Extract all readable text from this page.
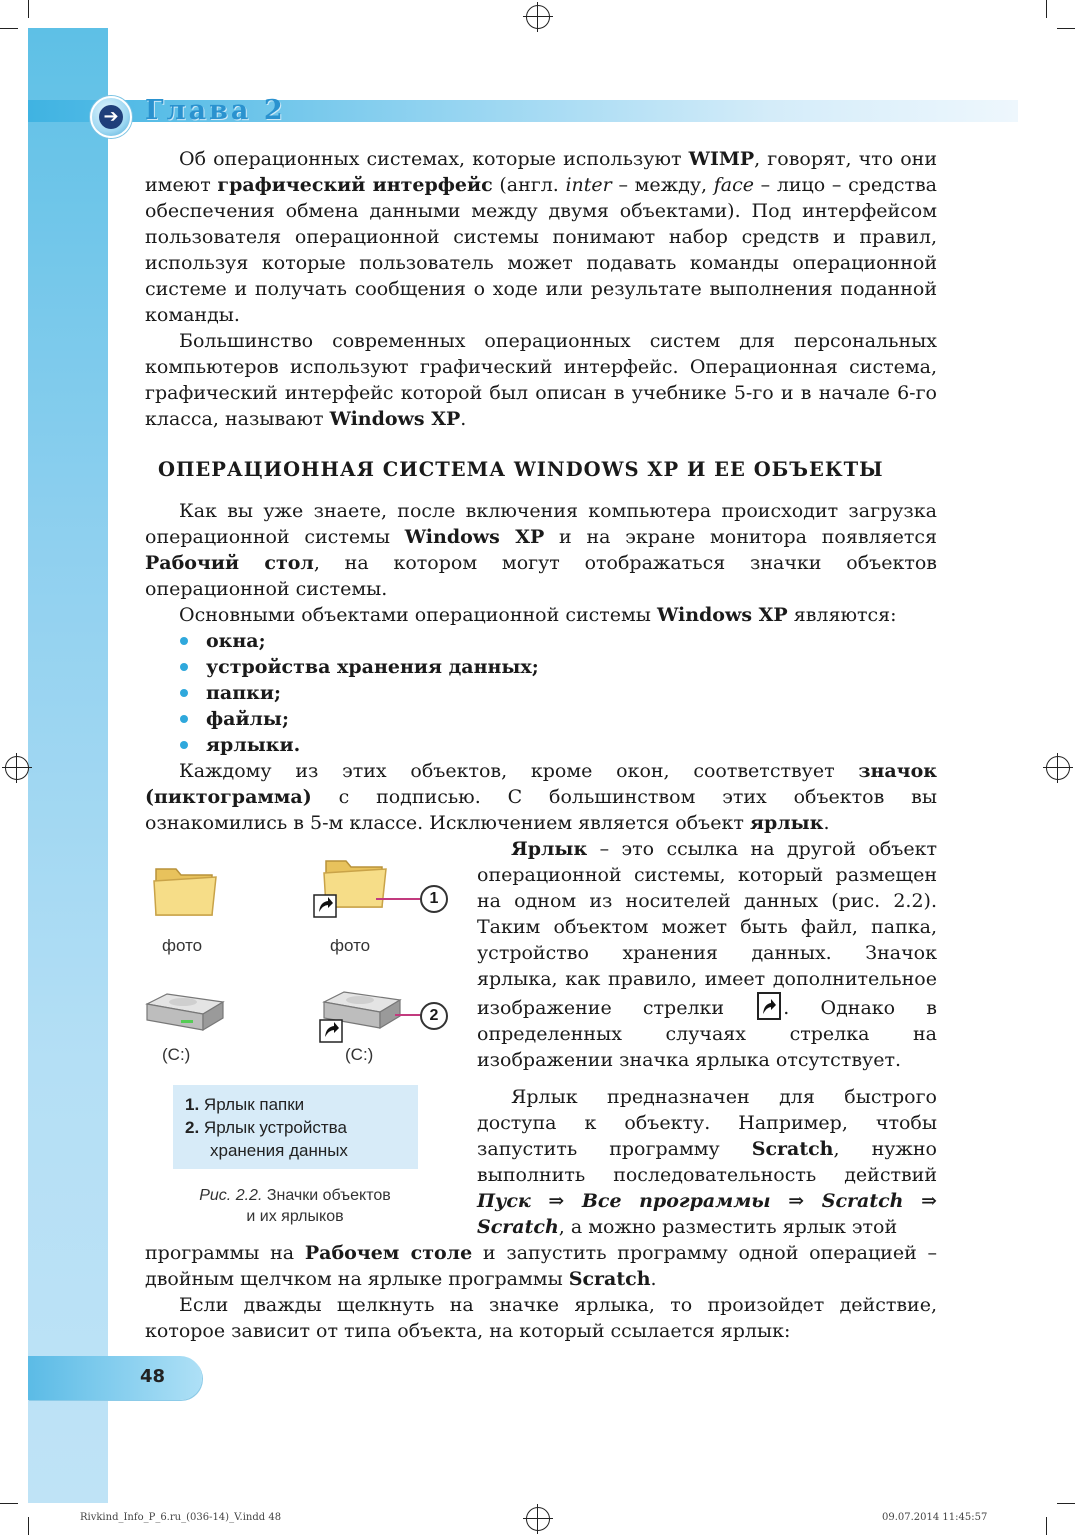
➔ Глава 2
Об операционных системах, которые используют WIMP, говорят, что они имеют графический интерфейс (англ. inter – между, face – лицо – средства обеспечения обмена данными между двумя объектами). Под интерфейсом пользователя операционной системы понимают набор средств и правил, используя которые пользователь может подавать команды операционной системе и получать сообщения о ходе или результате выполнения поданной команды.
Большинство современных операционных систем для персональных компьютеров используют графический интерфейс. Операционная система, графический интерфейс которой был описан в учебнике 5-го и в начале 6-го класса, называют Windows XP.
ОПЕРАЦИОННАЯ СИСТЕМА WINDOWS XP И ЕЕ ОБЪЕКТЫ
Как вы уже знаете, после включения компьютера происходит загрузка операционной системы Windows XP и на экране монитора появляется Рабочий стол, на котором могут отображаться значки объектов операционной системы.
Основными объектами операционной системы Windows XP являются:
окна;
устройства хранения данных;
папки;
файлы;
ярлыки.
Каждому из этих объектов, кроме окон, соответствует значок (пиктограмма) с подписью. С большинством этих объектов вы ознакомились в 5-м классе. Исключением является объект ярлык.
Ярлык – это ссылка на другой объект операционной системы, который размещен на одном из носителей данных (рис. 2.2). Таким объектом может быть файл, папка, устройство хранения данных. Значок ярлыка, как правило, имеет дополнительное изображение стрелки
. Однако в определенных случаях стрелка на изображении значка ярлыка отсутствует.
Ярлык предназначен для быстрого доступа к объекту. Например, чтобы запустить программу Scratch, нужно выполнить последовательность действий Пуск ⇒ Все программы ⇒ Scratch ⇒ Scratch, а можно разместить ярлык этой
программы на Рабочем столе и запустить программу одной операцией – двойным щелчком на ярлыке программы Scratch.
Если дважды щелкнуть на значке ярлыка, то произойдет действие, которое зависит от типа объекта, на который ссылается ярлык:
фото
1
фото
(C:)
2
(C:)
1. Ярлык папки
2. Ярлык устройства
хранения данных
Рис. 2.2. Значки объектов
и их ярлыков
48
Rivkind_Info_P_6.ru_(036-14)_V.indd 48	09.07.2014 11:45:57
